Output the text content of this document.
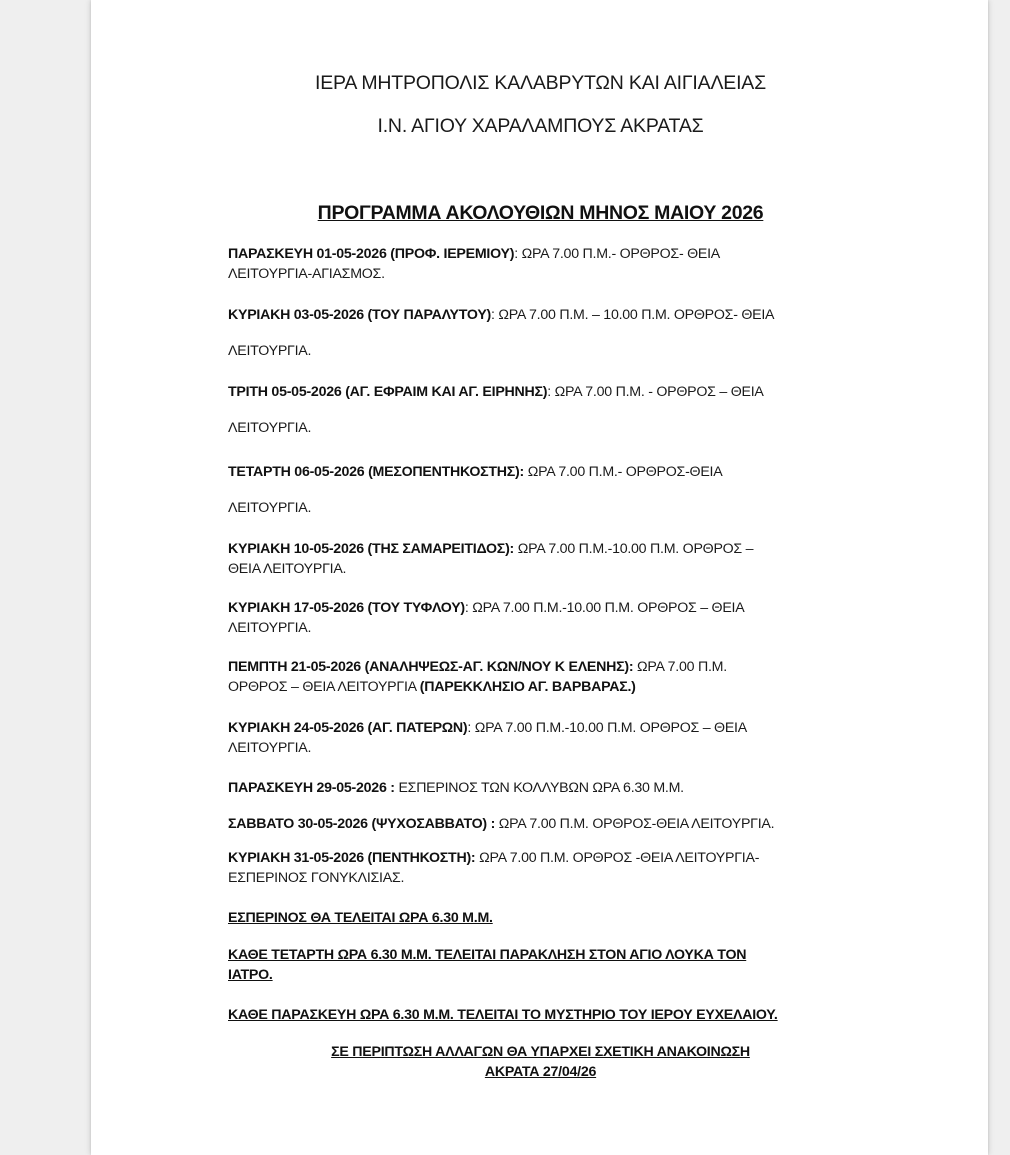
ΙΕΡΑ ΜΗΤΡΟΠΟΛΙΣ ΚΑΛΑΒΡΥΤΩΝ ΚΑΙ ΑΙΓΙΑΛΕΙΑΣ
Ι.Ν. ΑΓΙΟΥ ΧΑΡΑΛΑΜΠΟΥΣ ΑΚΡΑΤΑΣ
ΠΡΟΓΡΑΜΜΑ ΑΚΟΛΟΥΘΙΩΝ ΜΗΝΟΣ ΜΑΙΟΥ 2026
ΠΑΡΑΣΚΕΥΗ 01-05-2026 (ΠΡΟΦ. ΙΕΡΕΜΙΟΥ): ΩΡΑ 7.00 Π.Μ.- ΟΡΘΡΟΣ- ΘΕΙΑ
ΛΕΙΤΟΥΡΓΙΑ-ΑΓΙΑΣΜΟΣ.
ΚΥΡΙΑΚΗ 03-05-2026 (ΤΟΥ ΠΑΡΑΛΥΤΟΥ): ΩΡΑ 7.00 Π.Μ. – 10.00 Π.Μ. ΟΡΘΡΟΣ- ΘΕΙΑ
ΛΕΙΤΟΥΡΓΙΑ.
ΤΡΙΤΗ 05-05-2026 (ΑΓ. ΕΦΡΑΙΜ ΚΑΙ ΑΓ. ΕΙΡΗΝΗΣ): ΩΡΑ 7.00 Π.Μ. - ΟΡΘΡΟΣ – ΘΕΙΑ
ΛΕΙΤΟΥΡΓΙΑ.
ΤΕΤΑΡΤΗ 06-05-2026 (ΜΕΣΟΠΕΝΤΗΚΟΣΤΗΣ): ΩΡΑ 7.00 Π.Μ.- ΟΡΘΡΟΣ-ΘΕΙΑ
ΛΕΙΤΟΥΡΓΙΑ.
ΚΥΡΙΑΚΗ 10-05-2026 (ΤΗΣ ΣΑΜΑΡΕΙΤΙΔΟΣ): ΩΡΑ 7.00 Π.Μ.-10.00 Π.Μ. ΟΡΘΡΟΣ –
ΘΕΙΑ ΛΕΙΤΟΥΡΓΙΑ.
ΚΥΡΙΑΚΗ 17-05-2026 (ΤΟΥ ΤΥΦΛΟΥ): ΩΡΑ 7.00 Π.Μ.-10.00 Π.Μ. ΟΡΘΡΟΣ – ΘΕΙΑ
ΛΕΙΤΟΥΡΓΙΑ.
ΠΕΜΠΤΗ 21-05-2026 (ΑΝΑΛΗΨΕΩΣ-ΑΓ. ΚΩΝ/ΝΟΥ Κ ΕΛΕΝΗΣ): ΩΡΑ 7.00 Π.Μ.
ΟΡΘΡΟΣ – ΘΕΙΑ ΛΕΙΤΟΥΡΓΙΑ (ΠΑΡΕΚΚΛΗΣΙΟ ΑΓ. ΒΑΡΒΑΡΑΣ.)
ΚΥΡΙΑΚΗ 24-05-2026 (ΑΓ. ΠΑΤΕΡΩΝ): ΩΡΑ 7.00 Π.Μ.-10.00 Π.Μ. ΟΡΘΡΟΣ – ΘΕΙΑ
ΛΕΙΤΟΥΡΓΙΑ.
ΠΑΡΑΣΚΕΥΗ 29-05-2026 : ΕΣΠΕΡΙΝΟΣ ΤΩΝ ΚΟΛΛΥΒΩΝ ΩΡΑ 6.30 Μ.Μ.
ΣΑΒΒΑΤΟ 30-05-2026 (ΨΥΧΟΣΑΒΒΑΤΟ) : ΩΡΑ 7.00 Π.Μ. ΟΡΘΡΟΣ-ΘΕΙΑ ΛΕΙΤΟΥΡΓΙΑ.
ΚΥΡΙΑΚΗ 31-05-2026 (ΠΕΝΤΗΚΟΣΤΗ): ΩΡΑ 7.00 Π.Μ. ΟΡΘΡΟΣ -ΘΕΙΑ ΛΕΙΤΟΥΡΓΙΑ-
ΕΣΠΕΡΙΝΟΣ ΓΟΝΥΚΛΙΣΙΑΣ.
ΕΣΠΕΡΙΝΟΣ ΘΑ ΤΕΛΕΙΤΑΙ ΩΡΑ 6.30 Μ.Μ.
ΚΑΘΕ ΤΕΤΑΡΤΗ ΩΡΑ 6.30 Μ.Μ. ΤΕΛΕΙΤΑΙ ΠΑΡΑΚΛΗΣΗ ΣΤΟΝ ΑΓΙΟ ΛΟΥΚΑ ΤΟΝ
ΙΑΤΡΟ.
ΚΑΘΕ ΠΑΡΑΣΚΕΥΗ ΩΡΑ 6.30 Μ.Μ. ΤΕΛΕΙΤΑΙ ΤΟ ΜΥΣΤΗΡΙΟ ΤΟΥ ΙΕΡΟΥ ΕΥΧΕΛΑΙΟΥ.
ΣΕ ΠΕΡΙΠΤΩΣΗ ΑΛΛΑΓΩΝ ΘΑ ΥΠΑΡΧΕΙ ΣΧΕΤΙΚΗ ΑΝΑΚΟΙΝΩΣΗ
ΑΚΡΑΤΑ 27/04/26
